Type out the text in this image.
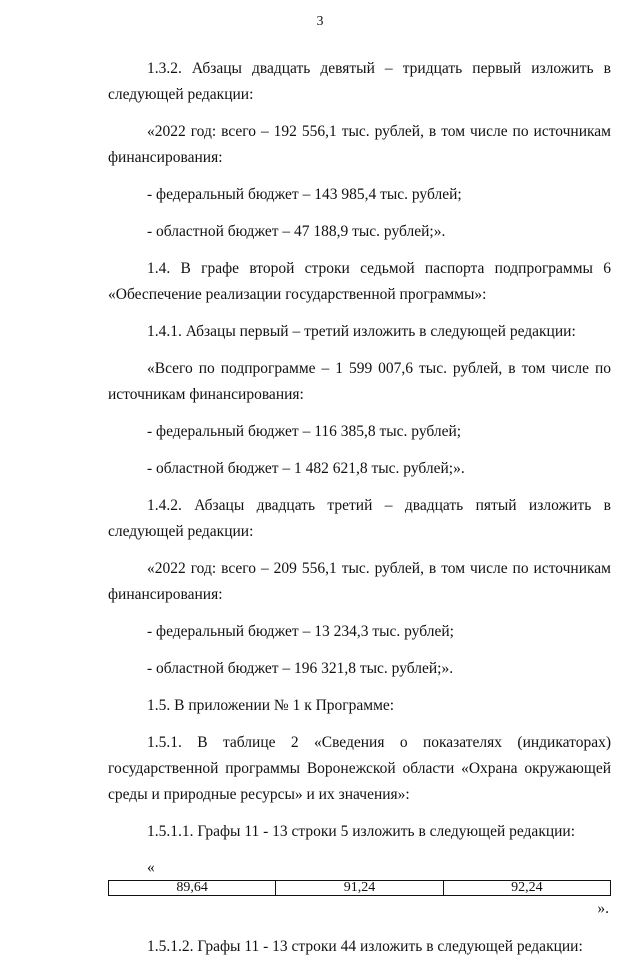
3

1.3.2. Абзацы двадцать девятый – тридцать первый изложить в следующей редакции:

«2022 год: всего – 192 556,1 тыс. рублей, в том числе по источникам финансирования:

- федеральный бюджет – 143 985,4 тыс. рублей;

- областной бюджет – 47 188,9 тыс. рублей;».

1.4. В графе второй строки седьмой паспорта подпрограммы 6 «Обеспечение реализации государственной программы»:

1.4.1. Абзацы первый – третий изложить в следующей редакции:

«Всего по подпрограмме – 1 599 007,6 тыс. рублей, в том числе по источникам финансирования:

- федеральный бюджет – 116 385,8 тыс. рублей;

- областной бюджет – 1 482 621,8 тыс. рублей;».

1.4.2. Абзацы двадцать третий – двадцать пятый изложить в следующей редакции:

«2022 год: всего – 209 556,1 тыс. рублей, в том числе по источникам финансирования:

- федеральный бюджет – 13 234,3 тыс. рублей;

- областной бюджет – 196 321,8 тыс. рублей;».

1.5. В приложении № 1 к Программе:

1.5.1. В таблице 2 «Сведения о показателях (индикаторах) государственной программы Воронежской области «Охрана окружающей среды и природные ресурсы» и их значения»:

1.5.1.1. Графы 11 - 13 строки 5 изложить в следующей редакции:

«
89,64	91,24	92,24
».

1.5.1.2. Графы 11 - 13 строки 44 изложить в следующей редакции:
